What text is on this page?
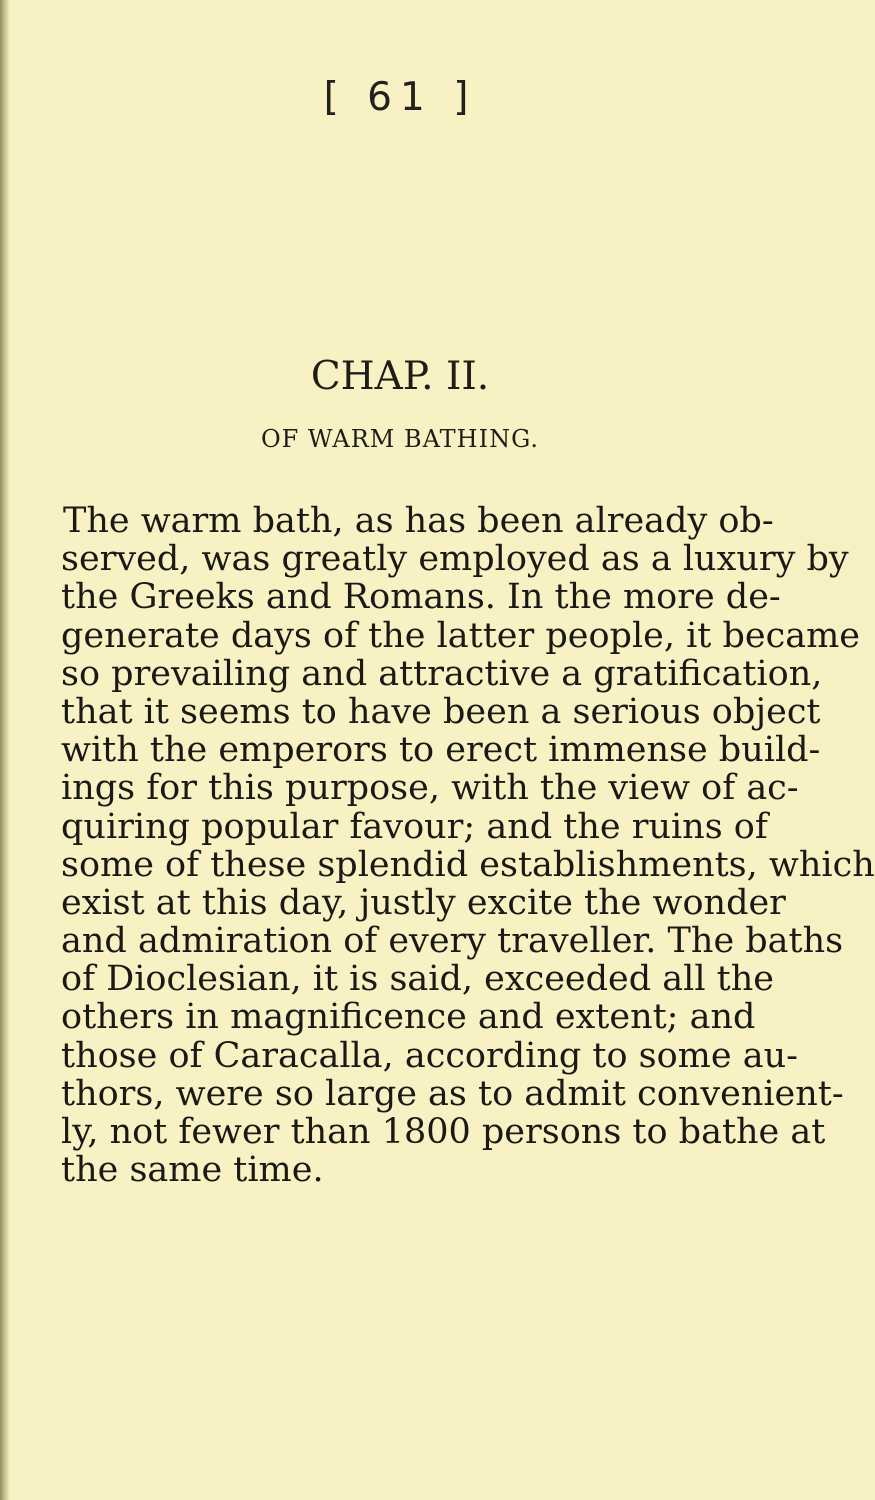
[ 61 ]
CHAP. II.
OF WARM BATHING.
The warm bath, as has been already ob-
served, was greatly employed as a luxury by
the Greeks and Romans. In the more de-
generate days of the latter people, it became
so prevailing and attractive a gratification,
that it seems to have been a serious object
with the emperors to erect immense build-
ings for this purpose, with the view of ac-
quiring popular favour; and the ruins of
some of these splendid establishments, which
exist at this day, justly excite the wonder
and admiration of every traveller. The baths
of Dioclesian, it is said, exceeded all the
others in magnificence and extent; and
those of Caracalla, according to some au-
thors, were so large as to admit convenient-
ly, not fewer than 1800 persons to bathe at
the same time.
